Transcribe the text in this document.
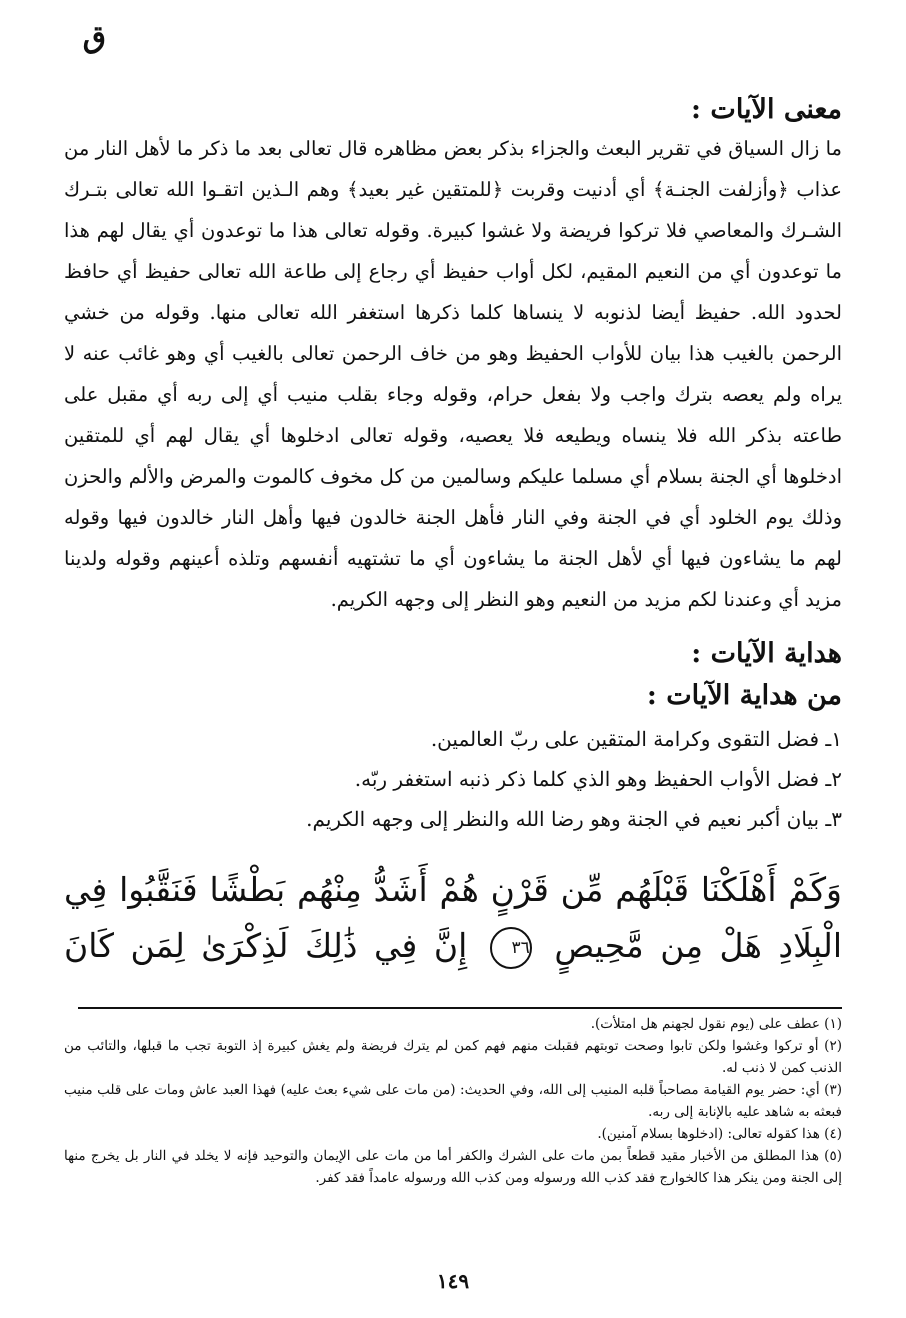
ق
معنى الآيات :

ما زال السياق في تقرير البعث والجزاء بذكر بعض مظاهره قال تعالى بعد ما ذكر ما لأهل النار من عذاب ﴿وأزلفت الجنـة﴾ أي أدنيت وقربت ﴿للمتقين غير بعيد﴾ وهم الـذين اتقـوا الله تعالى بتـرك الشـرك والمعاصي فلا تركوا فريضة ولا غشوا كبيرة. وقوله تعالى هذا ما توعدون أي يقال لهم هذا ما توعدون أي من النعيم المقيم، لكل أواب حفيظ أي رجاع إلى طاعة الله تعالى حفيظ أي حافظ لحدود الله. حفيظ أيضا لذنوبه لا ينساها كلما ذكرها استغفر الله تعالى منها. وقوله من خشي الرحمن بالغيب هذا بيان للأواب الحفيظ وهو من خاف الرحمن تعالى بالغيب أي وهو غائب عنه لا يراه ولم يعصه بترك واجب ولا بفعل حرام، وقوله وجاء بقلب منيب أي إلى ربه أي مقبل على طاعته بذكر الله فلا ينساه ويطيعه فلا يعصيه، وقوله تعالى ادخلوها أي يقال لهم أي للمتقين ادخلوها أي الجنة بسلام أي مسلما عليكم وسالمين من كل مخوف كالموت والمرض والألم والحزن وذلك يوم الخلود أي في الجنة وفي النار فأهل الجنة خالدون فيها وأهل النار خالدون فيها وقوله لهم ما يشاءون فيها أي لأهل الجنة ما يشاءون أي ما تشتهيه أنفسهم وتلذه أعينهم وقوله ولدينا مزيد أي وعندنا لكم مزيد من النعيم وهو النظر إلى وجهه الكريم.

هداية الآيات :
من هداية الآيات :
١ـ فضل التقوى وكرامة المتقين على ربّ العالمين.
٢ـ فضل الأواب الحفيظ وهو الذي كلما ذكر ذنبه استغفر ربّه.
٣ـ بيان أكبر نعيم في الجنة وهو رضا الله والنظر إلى وجهه الكريم.
وَكَمْ أَهْلَكْنَا قَبْلَهُم مِّن قَرْنٍ هُمْ أَشَدُّ مِنْهُم بَطْشًا فَنَقَّبُوا فِي
الْبِلَادِ هَلْ مِن مَّحِيصٍ ٣٦ إِنَّ فِي ذَٰلِكَ لَذِكْرَىٰ لِمَن كَانَ
(١) عطف على (يوم نقول لجهنم هل امتلأت).
(٢) أو تركوا وغشوا ولكن تابوا وصحت توبتهم فقبلت منهم فهم كمن لم يترك فريضة ولم يغش كبيرة إذ التوبة تجب ما قبلها، والتائب من الذنب كمن لا ذنب له.
(٣) أي: حضر يوم القيامة مصاحباً قلبه المنيب إلى الله، وفي الحديث: (من مات على شيء بعث عليه) فهذا العبد عاش ومات على قلب منيب فبعثه به شاهد عليه بالإنابة إلى ربه.
(٤) هذا كقوله تعالى: (ادخلوها بسلام آمنين).
(٥) هذا المطلق من الأخبار مقيد قطعاً بمن مات على الشرك والكفر أما من مات على الإيمان والتوحيد فإنه لا يخلد في النار بل يخرج منها إلى الجنة ومن ينكر هذا كالخوارج فقد كذب الله ورسوله ومن كذب الله ورسوله عامداً فقد كفر.
١٤٩
